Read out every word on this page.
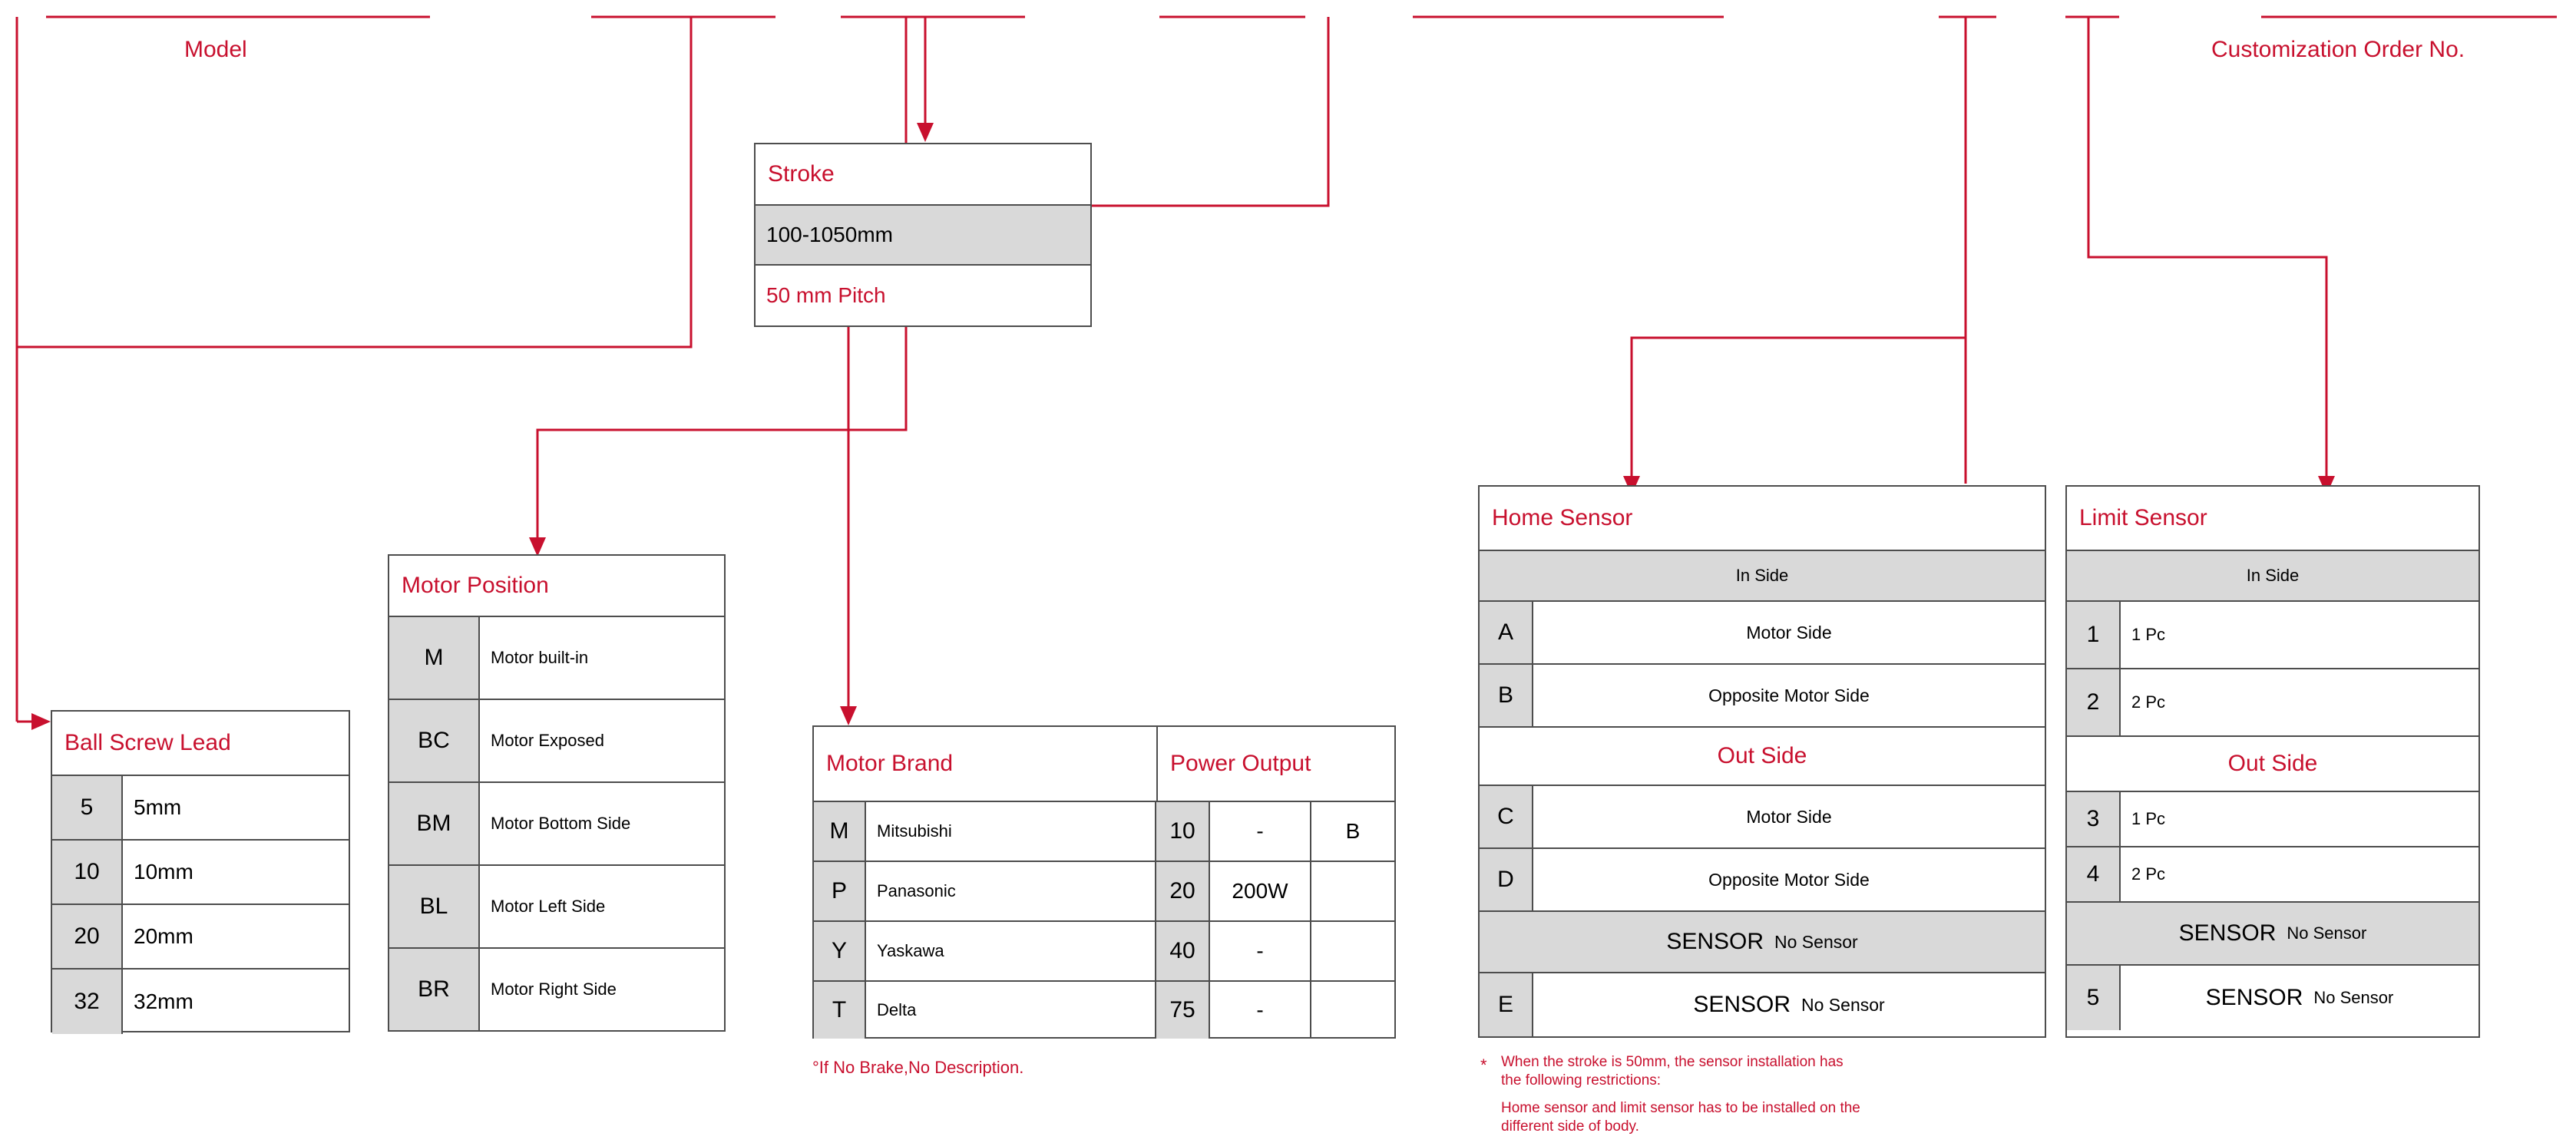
Model	Customization Order No.
Stroke
100-1050mm
50 mm Pitch
Ball Screw Lead
5	5mm
10	10mm
20	20mm
32	32mm
Motor Position
M	Motor built-in
BC	Motor Exposed
BM	Motor Bottom Side
BL	Motor Left Side
BR	Motor Right Side
Motor Brand	Power Output
M	Mitsubishi	10	-	B
P	Panasonic	20	200W
Y	Yaskawa	40	-
T	Delta	75	-
°If No Brake,No Description.
Home Sensor
In Side
A	Motor Side
B	Opposite Motor Side
Out Side
C	Motor Side
D	Opposite Motor Side
SENSOR No Sensor
E	SENSOR No Sensor
Limit Sensor
In Side
1	1 Pc
2	2 Pc
Out Side
3	1 Pc
4	2 Pc
SENSOR No Sensor
5	SENSOR No Sensor
* When the stroke is 50mm, the sensor installation has
the following restrictions:
Home sensor and limit sensor has to be installed on the
different side of body.
